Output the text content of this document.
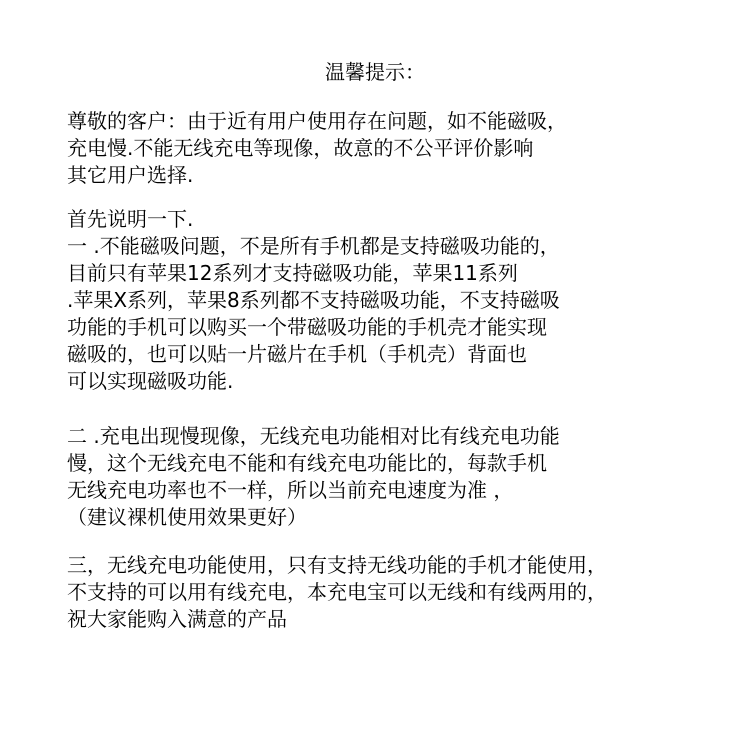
温馨提示：
尊敬的客户：由于近有用户使用存在问题，如不能磁吸，
充电慢.不能无线充电等现像，故意的不公平评价影响
其它用户选择.
首先说明一下.
一 .不能磁吸问题，不是所有手机都是支持磁吸功能的，
目前只有苹果12系列才支持磁吸功能，苹果11系列
.苹果X系列，苹果8系列都不支持磁吸功能，不支持磁吸
功能的手机可以购买一个带磁吸功能的手机壳才能实现
磁吸的，也可以贴一片磁片在手机（手机壳）背面也
可以实现磁吸功能.
二 .充电出现慢现像，无线充电功能相对比有线充电功能
慢，这个无线充电不能和有线充电功能比的，每款手机
无线充电功率也不一样，所以当前充电速度为准 ，
（建议裸机使用效果更好）
三，无线充电功能使用，只有支持无线功能的手机才能使用，
不支持的可以用有线充电，本充电宝可以无线和有线两用的，
祝大家能购入满意的产品
